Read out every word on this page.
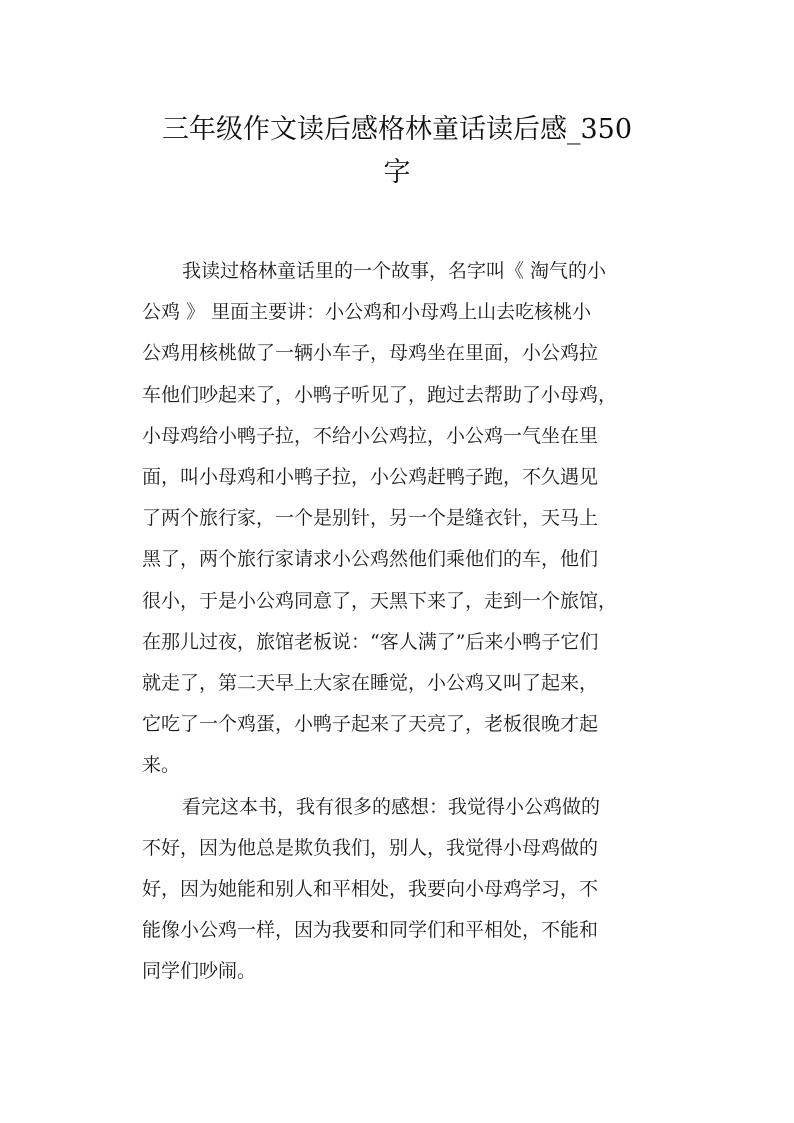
三年级作文读后感格林童话读后感_350
字

我读过格林童话里的一个故事，名字叫《 淘气的小
公鸡 》 里面主要讲：小公鸡和小母鸡上山去吃核桃小
公鸡用核桃做了一辆小车子，母鸡坐在里面，小公鸡拉
车他们吵起来了，小鸭子听见了，跑过去帮助了小母鸡，
小母鸡给小鸭子拉，不给小公鸡拉，小公鸡一气坐在里
面，叫小母鸡和小鸭子拉，小公鸡赶鸭子跑，不久遇见
了两个旅行家，一个是别针，另一个是缝衣针，天马上
黑了，两个旅行家请求小公鸡然他们乘他们的车，他们
很小，于是小公鸡同意了，天黑下来了，走到一个旅馆，
在那儿过夜，旅馆老板说：“客人满了”后来小鸭子它们
就走了，第二天早上大家在睡觉，小公鸡又叫了起来，
它吃了一个鸡蛋，小鸭子起来了天亮了，老板很晚才起
来。

看完这本书，我有很多的感想：我觉得小公鸡做的
不好，因为他总是欺负我们，别人，我觉得小母鸡做的
好，因为她能和别人和平相处，我要向小母鸡学习，不
能像小公鸡一样，因为我要和同学们和平相处，不能和
同学们吵闹。
